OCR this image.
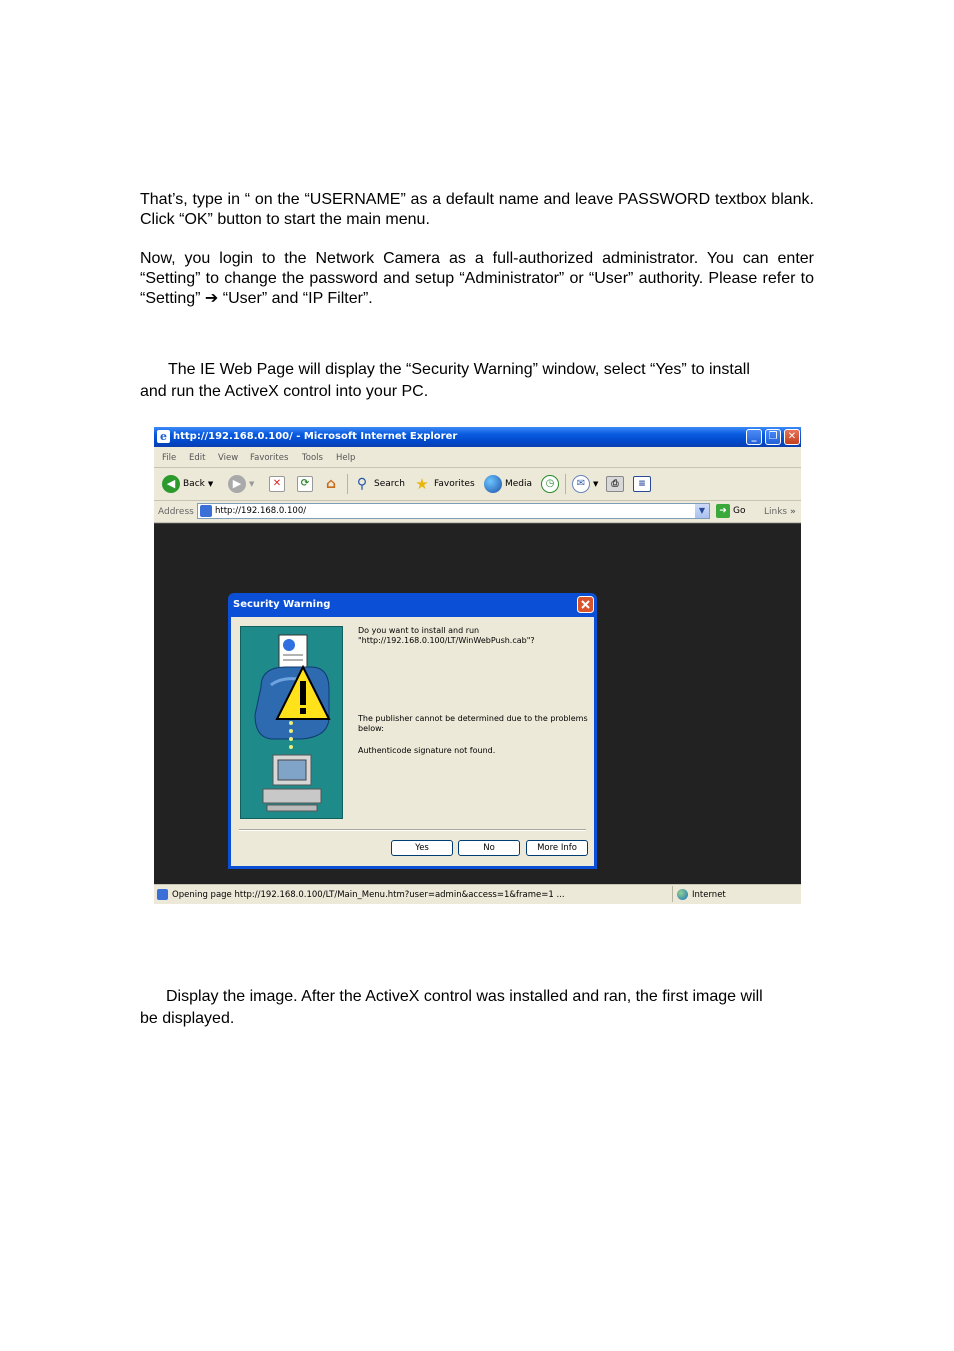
That’s, type in “ on the “USERNAME” as a default name and leave PASSWORD textbox blank. Click “OK” button to start the main menu.
Now, you login to the Network Camera as a full-authorized administrator. You can enter “Setting” to change the password and setup “Administrator” or “User” authority. Please refer to “Setting” ➔ “User” and “IP Filter”.
The IE Web Page will display the “Security Warning” window, select “Yes” to install
and run the ActiveX control into your PC.
e http://192.168.0.100/ - Microsoft Internet Explorer	_	❐	✕
File Edit View Favorites Tools Help
◀ Back ▼	▶	▼	✕	⟳ ⌂ ⚲ Search ★ Favorites	Media	◷	✉	▼	⎙	≡
Address http://192.168.0.100/	▼	➜ Go Links »
Security Warning

Do you want to install and run

"http://192.168.0.100/LT/WinWebPush.cab"?

The publisher cannot be determined due to the problems

below:

Authenticode signature not found.

Yes	No	More Info
Opening page http://192.168.0.100/LT/Main_Menu.htm?user=admin&access=1&frame=1 ...	Internet
Display the image. After the ActiveX control was installed and ran, the first image will
be displayed.
